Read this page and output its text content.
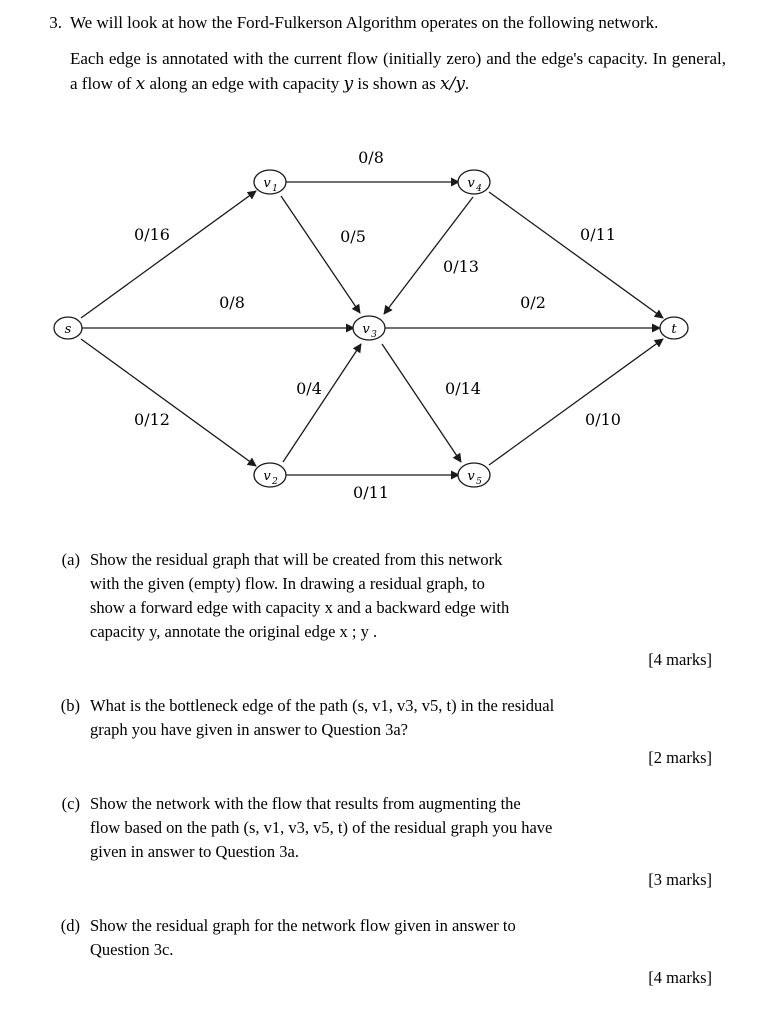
3. We will look at how the Ford-Fulkerson Algorithm operates on the following network.
Each edge is annotated with the current flow (initially zero) and the edge's capacity. In general, a flow of x along an edge with capacity y is shown as x/y.
s
v 1
v 2
v 3
v 4
v 5
t
0/16
0/12
0/8
0/8
0/5
0/13
0/11
0/2
0/4	0/14
0/11
0/10
(a) Show the residual graph that will be created from this network
with the given (empty) flow. In drawing a residual graph, to
show a forward edge with capacity x and a backward edge with
capacity y, annotate the original edge x ; y .
[4 marks]
(b) What is the bottleneck edge of the path (s, v1, v3, v5, t) in the residual
graph you have given in answer to Question 3a?
[2 marks]
(c) Show the network with the flow that results from augmenting the
flow based on the path (s, v1, v3, v5, t) of the residual graph you have
given in answer to Question 3a.
[3 marks]
(d) Show the residual graph for the network flow given in answer to
Question 3c.
[4 marks]
